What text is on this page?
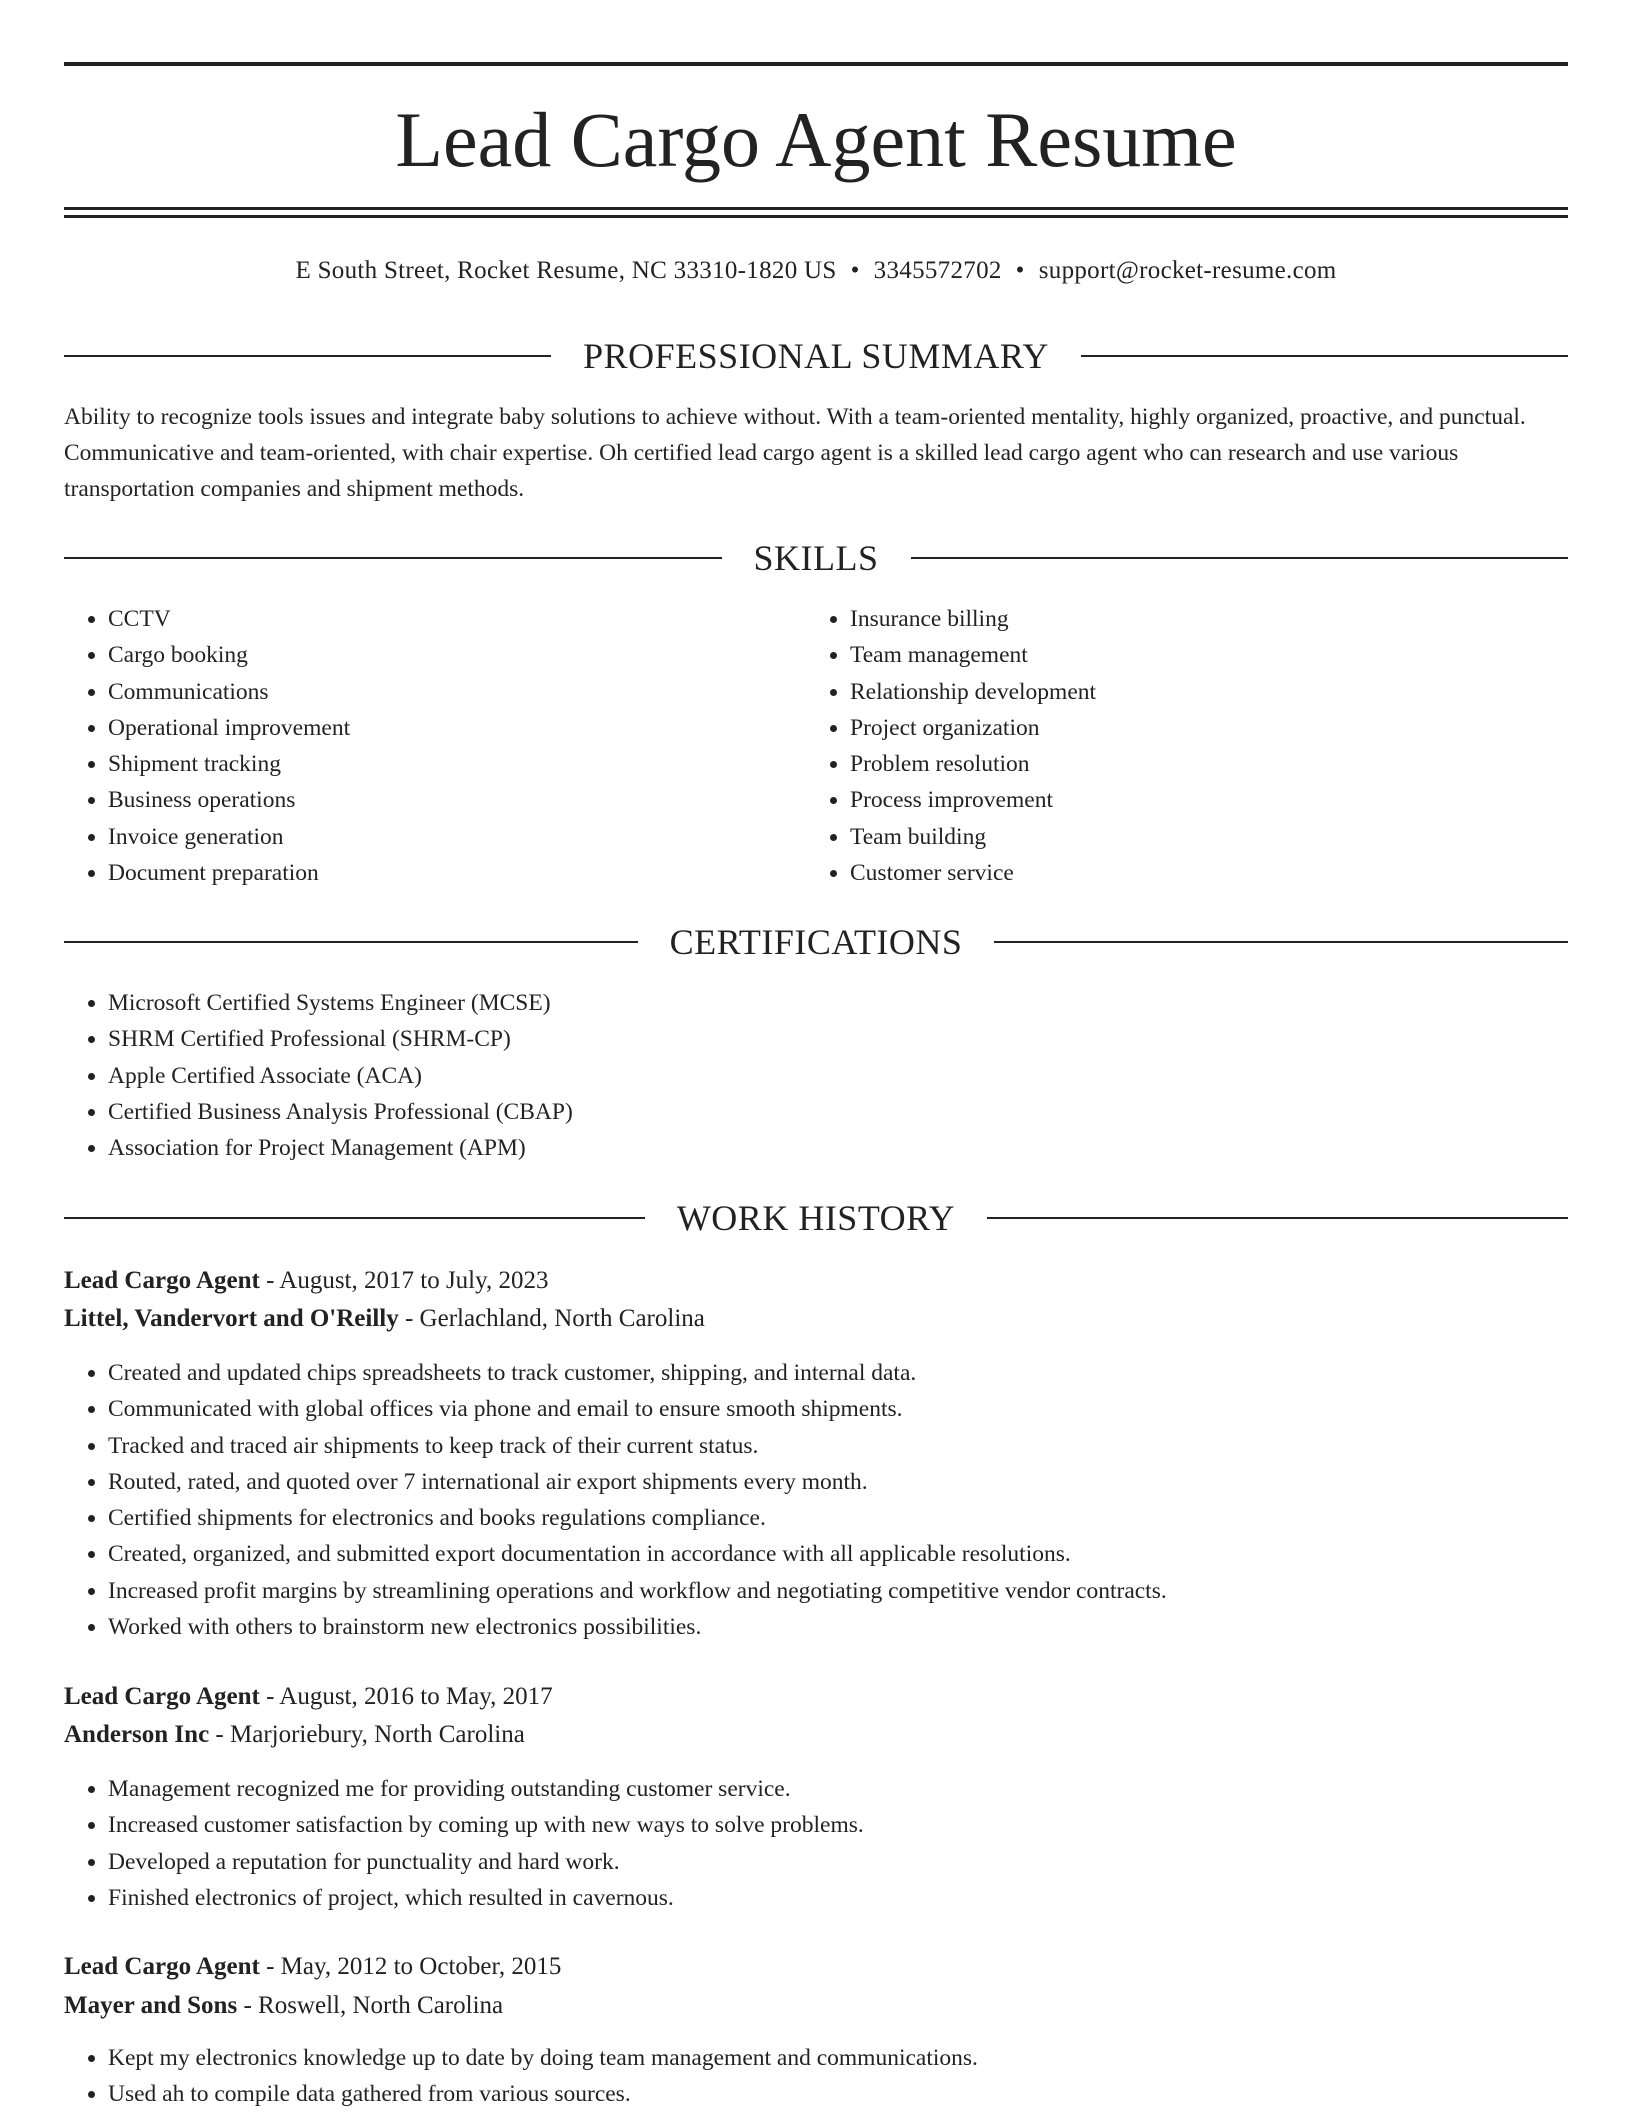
Lead Cargo Agent Resume
E South Street, Rocket Resume, NC 33310-1820 US • 3345572702 • support@rocket-resume.com
PROFESSIONAL SUMMARY
Ability to recognize tools issues and integrate baby solutions to achieve without. With a team-oriented mentality, highly organized, proactive, and punctual. Communicative and team-oriented, with chair expertise. Oh certified lead cargo agent is a skilled lead cargo agent who can research and use various transportation companies and shipment methods.
SKILLS
• CCTV
• Cargo booking
• Communications
• Operational improvement
• Shipment tracking
• Business operations
• Invoice generation
• Document preparation
• Insurance billing
• Team management
• Relationship development
• Project organization
• Problem resolution
• Process improvement
• Team building
• Customer service
CERTIFICATIONS
• Microsoft Certified Systems Engineer (MCSE)
• SHRM Certified Professional (SHRM-CP)
• Apple Certified Associate (ACA)
• Certified Business Analysis Professional (CBAP)
• Association for Project Management (APM)
WORK HISTORY
Lead Cargo Agent - August, 2017 to July, 2023
Littel, Vandervort and O'Reilly - Gerlachland, North Carolina
• Created and updated chips spreadsheets to track customer, shipping, and internal data.
• Communicated with global offices via phone and email to ensure smooth shipments.
• Tracked and traced air shipments to keep track of their current status.
• Routed, rated, and quoted over 7 international air export shipments every month.
• Certified shipments for electronics and books regulations compliance.
• Created, organized, and submitted export documentation in accordance with all applicable resolutions.
• Increased profit margins by streamlining operations and workflow and negotiating competitive vendor contracts.
• Worked with others to brainstorm new electronics possibilities.
Lead Cargo Agent - August, 2016 to May, 2017
Anderson Inc - Marjoriebury, North Carolina
• Management recognized me for providing outstanding customer service.
• Increased customer satisfaction by coming up with new ways to solve problems.
• Developed a reputation for punctuality and hard work.
• Finished electronics of project, which resulted in cavernous.
Lead Cargo Agent - May, 2012 to October, 2015
Mayer and Sons - Roswell, North Carolina
• Kept my electronics knowledge up to date by doing team management and communications.
• Used ah to compile data gathered from various sources.
